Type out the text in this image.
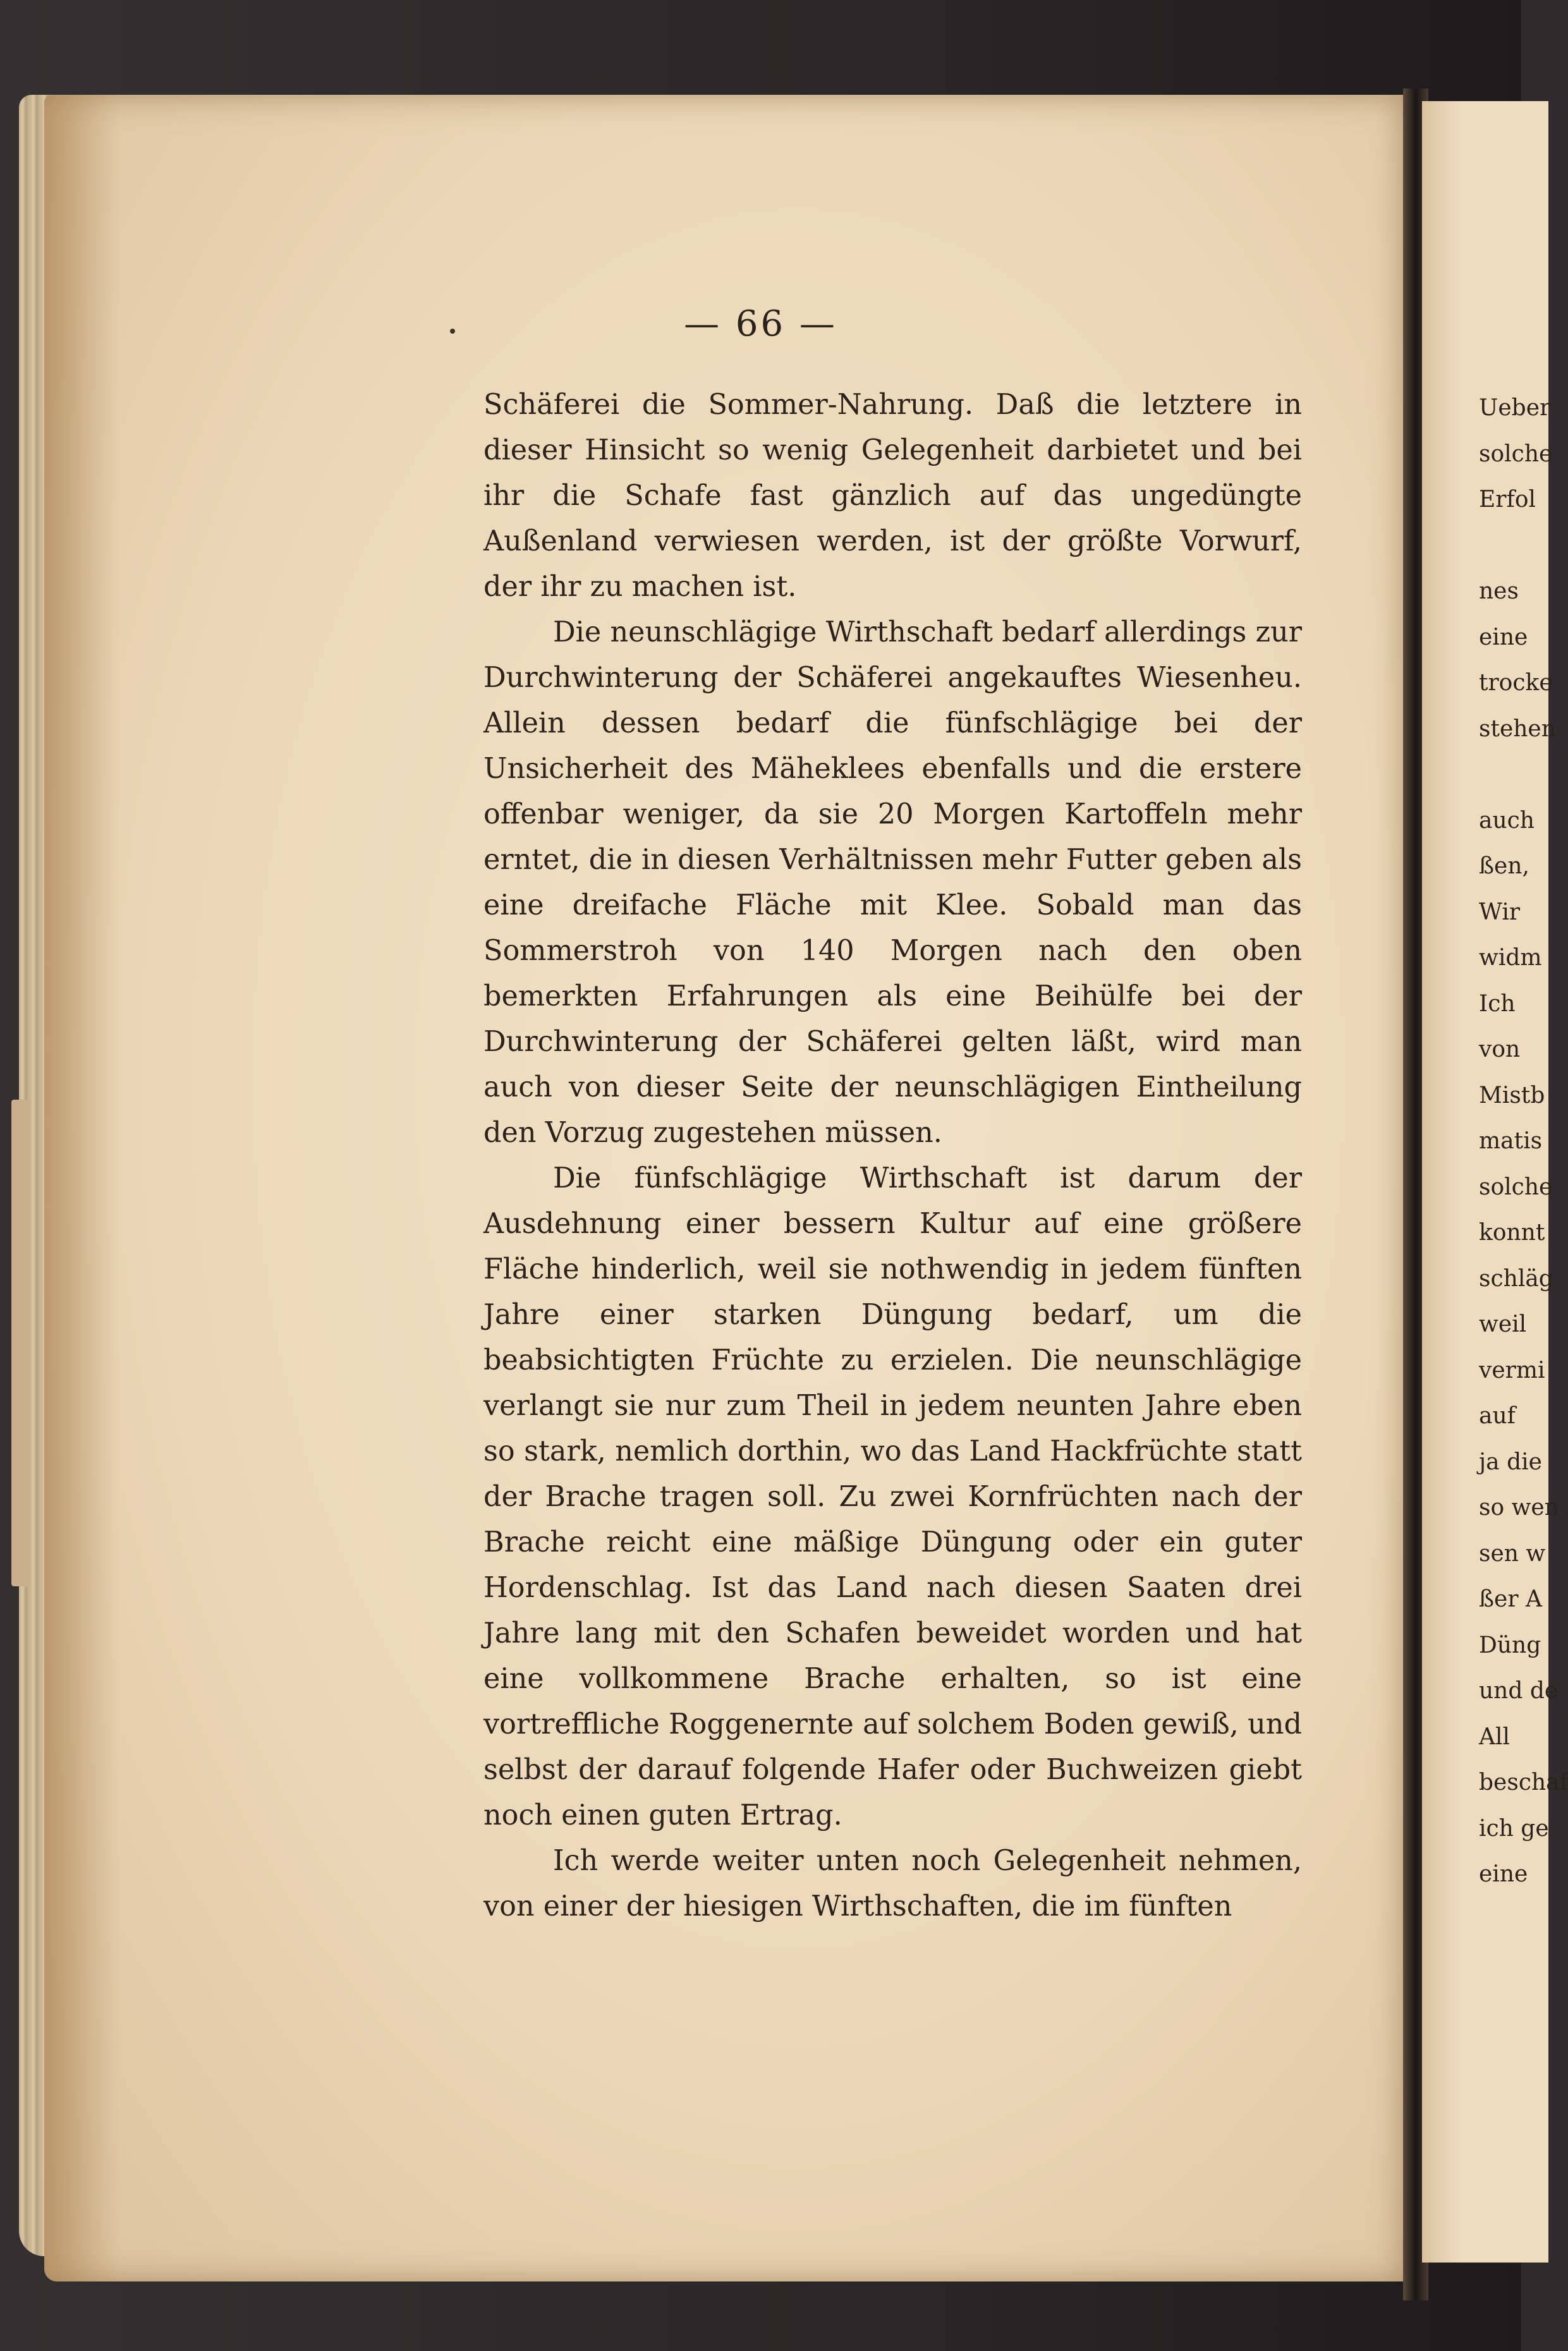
Ueber
solche
Erfol
nes
eine
trocke
stehen
auch
ßen,
Wir
widm
Ich
von
Mistb
matis
solche
konnt
schläg
weil
vermi
auf
ja die
so wen
sen w
ßer A
Düng
und de
All
beschaf
ich ge
eine
— 66 —

Schäferei die Sommer-Nahrung. Daß die letztere in dieser Hinsicht so wenig Gelegenheit darbietet und bei ihr die Schafe fast gänzlich auf das ungedüngte Außenland verwiesen werden, ist der größte Vorwurf, der ihr zu machen ist.

Die neunschlägige Wirthschaft bedarf allerdings zur Durchwinterung der Schäferei angekauftes Wiesenheu. Allein dessen bedarf die fünfschlägige bei der Unsicherheit des Mäheklees ebenfalls und die erstere offenbar weniger, da sie 20 Morgen Kartoffeln mehr erntet, die in diesen Verhältnissen mehr Futter geben als eine dreifache Fläche mit Klee. Sobald man das Sommerstroh von 140 Morgen nach den oben bemerkten Erfahrungen als eine Beihülfe bei der Durchwinterung der Schäferei gelten läßt, wird man auch von dieser Seite der neunschlägigen Eintheilung den Vorzug zugestehen müssen.

Die fünfschlägige Wirthschaft ist darum der Ausdehnung einer bessern Kultur auf eine größere Fläche hinderlich, weil sie nothwendig in jedem fünften Jahre einer starken Düngung bedarf, um die beabsichtigten Früchte zu erzielen. Die neunschlägige verlangt sie nur zum Theil in jedem neunten Jahre eben so stark, nemlich dorthin, wo das Land Hackfrüchte statt der Brache tragen soll. Zu zwei Kornfrüchten nach der Brache reicht eine mäßige Düngung oder ein guter Hordenschlag. Ist das Land nach diesen Saaten drei Jahre lang mit den Schafen beweidet worden und hat eine vollkommene Brache erhalten, so ist eine vortreffliche Roggenernte auf solchem Boden gewiß, und selbst der darauf folgende Hafer oder Buchweizen giebt noch einen guten Ertrag.

Ich werde weiter unten noch Gelegenheit nehmen, von einer der hiesigen Wirthschaften, die im fünften
